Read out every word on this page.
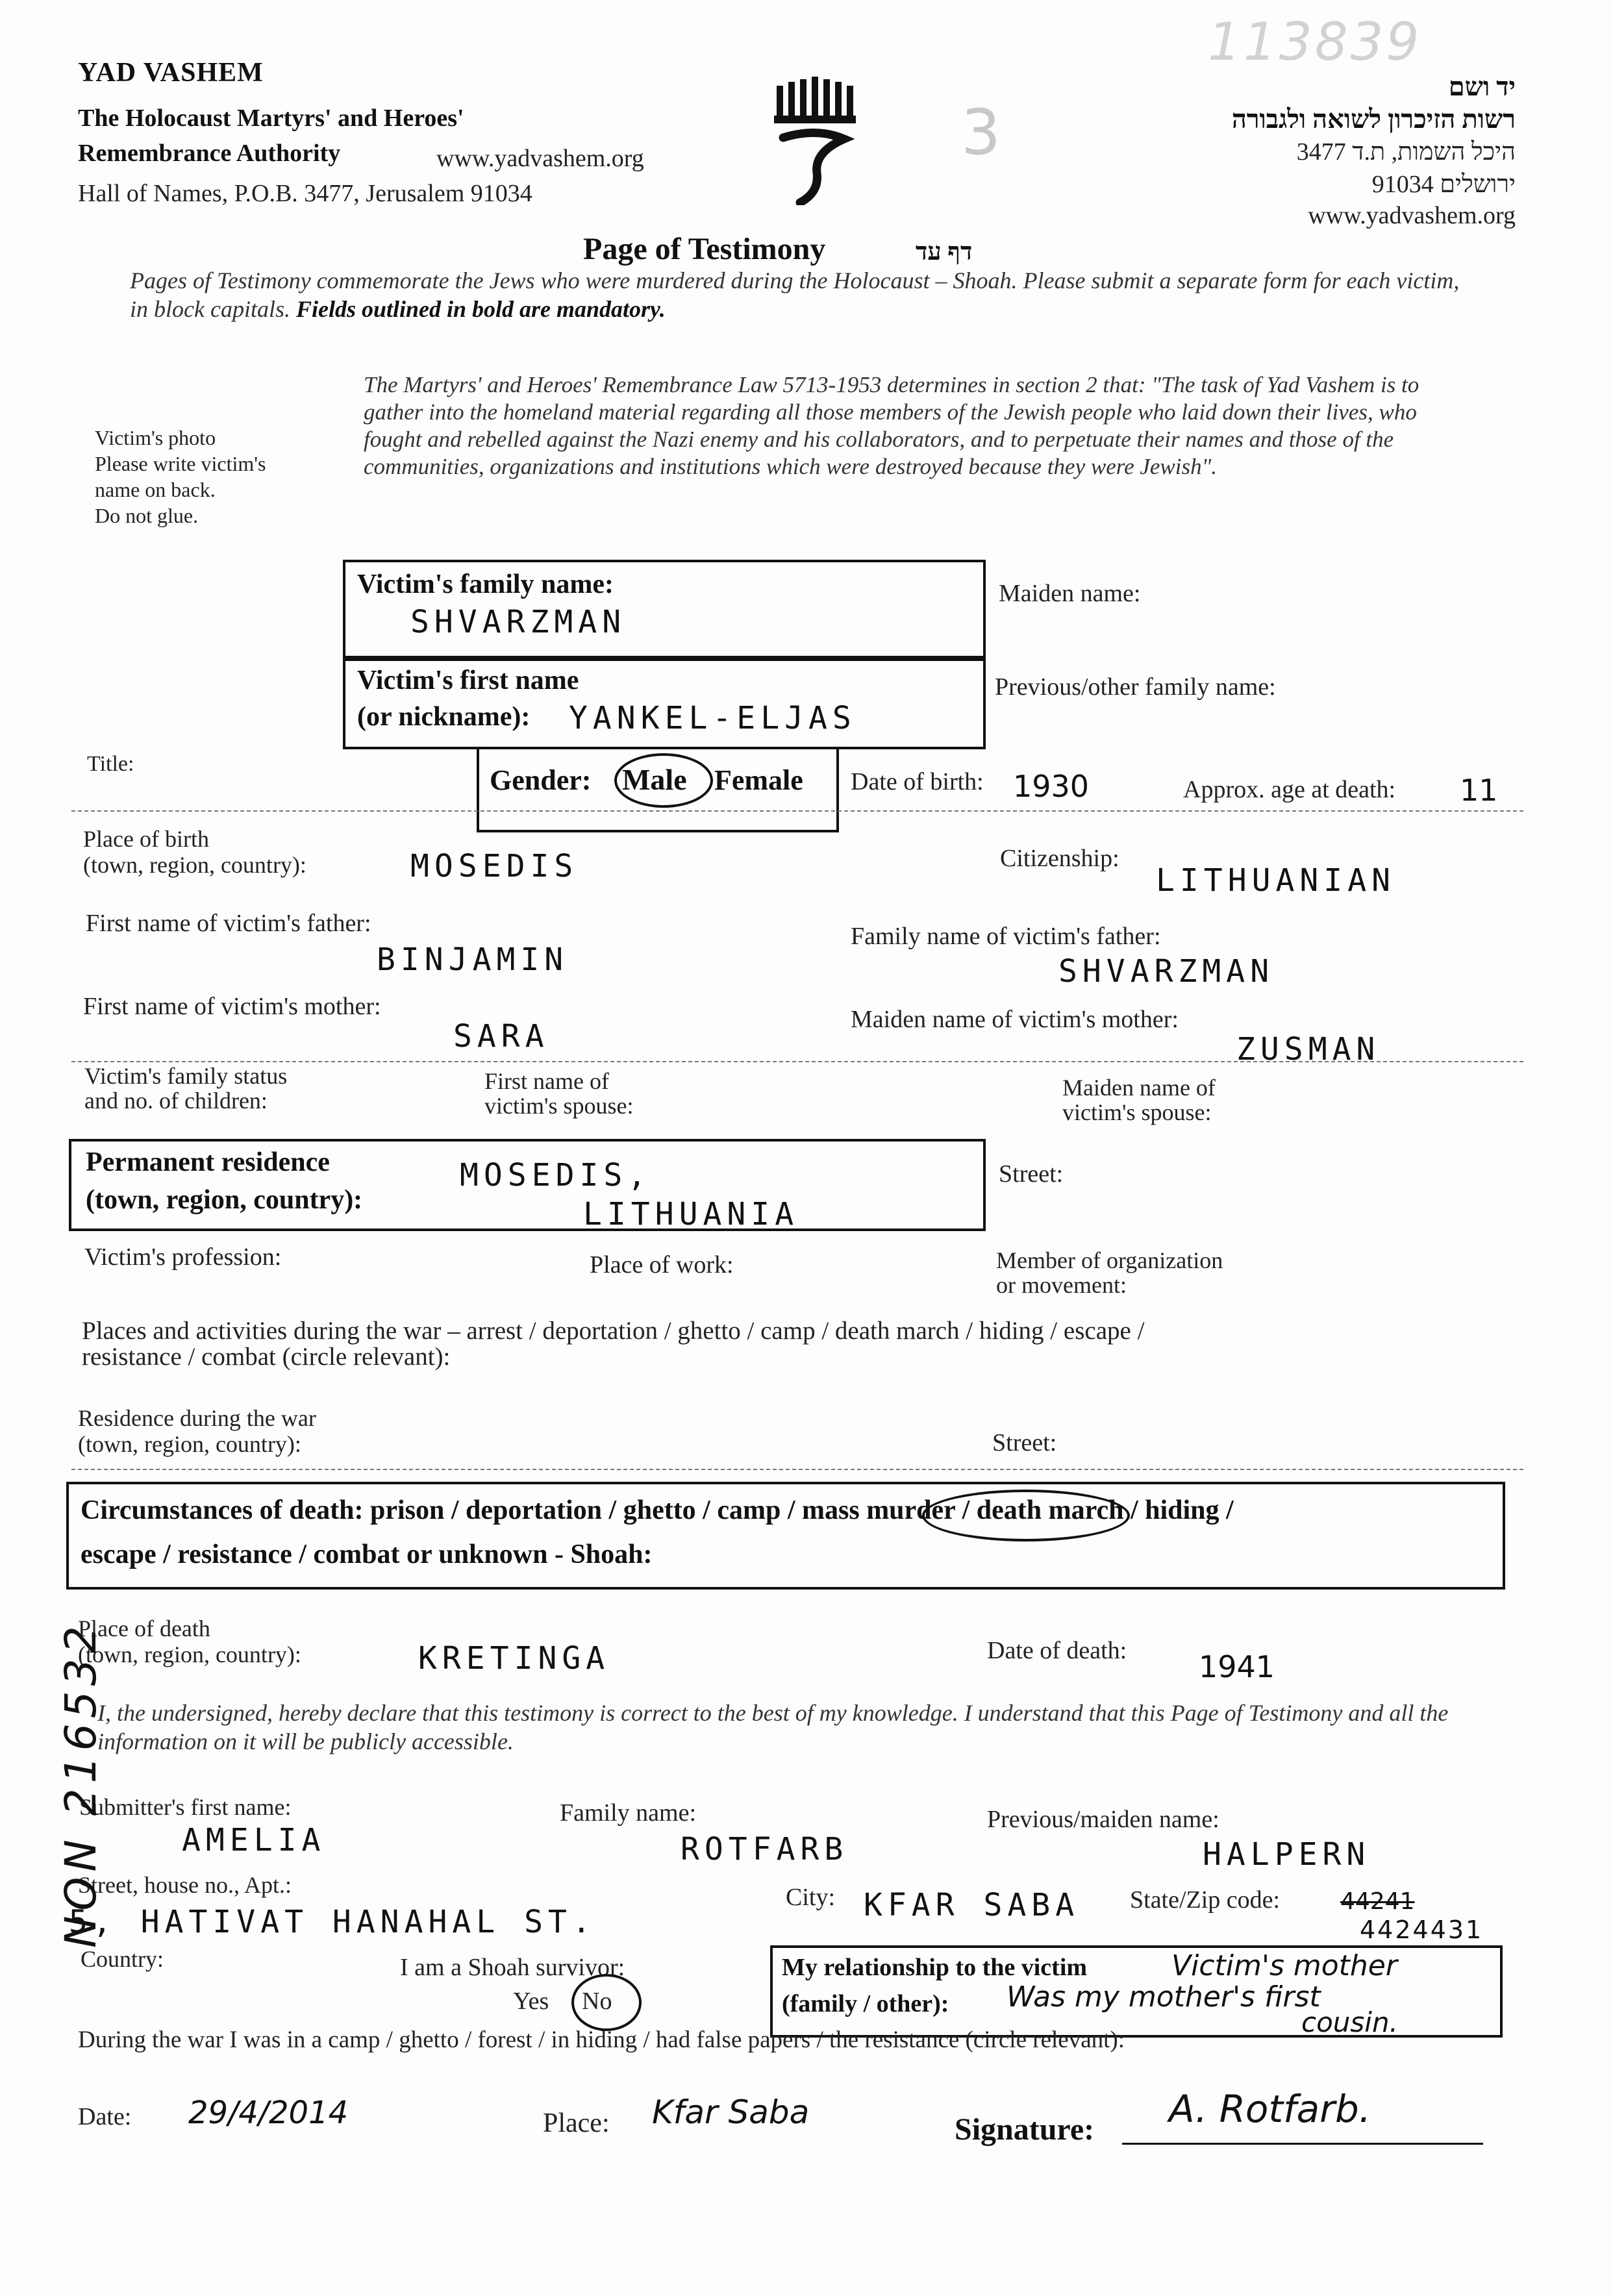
YAD VASHEM
The Holocaust Martyrs' and Heroes'
Remembrance Authority	www.yadvashem.org
Hall of Names, P.O.B. 3477, Jerusalem 91034
3
113839
יד ושם
רשות הזיכרון לשואה ולגבורה
היכל השמות, ת.ד 3477
ירושלים 91034
www.yadvashem.org
Page of Testimony	דף עד
Pages of Testimony commemorate the Jews who were murdered during the Holocaust – Shoah. Please submit a separate form for each victim, in block capitals. Fields outlined in bold are mandatory.
Victim's photo
Please write victim's
name on back.
Do not glue.
The Martyrs' and Heroes' Remembrance Law 5713-1953 determines in section 2 that: "The task of Yad Vashem is to gather into the homeland material regarding all those members of the Jewish people who laid down their lives, who fought and rebelled against the Nazi enemy and his collaborators, and to perpetuate their names and those of the communities, organizations and institutions which were destroyed because they were Jewish".
Victim's family name:
SHVARZMAN
Victim's first name
(or nickname): YANKEL-ELJAS
Maiden name:
Previous/other family name:
Title:
Gender: Male Female Date of birth: 1930	Approx. age at death: 11
Place of birth
(town, region, country):	MOSEDIS	Citizenship:
LITHUANIAN
First name of victim's father:
BINJAMIN
Family name of victim's father:
SHVARZMAN
First name of victim's mother:
SARA	Maiden name of victim's mother:
ZUSMAN
Victim's family status
and no. of children:
First name of
victim's spouse:
Maiden name of
victim's spouse:
Permanent residence
(town, region, country):
MOSEDIS,
LITHUANIA
Street:
Victim's profession:	Place of work:	Member of organization
or movement:
Places and activities during the war – arrest / deportation / ghetto / camp / death march / hiding / escape /
resistance / combat (circle relevant):
Residence during the war
(town, region, country):	Street:
Circumstances of death: prison / deportation / ghetto / camp / mass murder / death march / hiding /
escape / resistance / combat or unknown - Shoah:
Place of death
(town, region, country):	KRETINGA	Date of death: 1941
I, the undersigned, hereby declare that this testimony is correct to the best of my knowledge. I understand that this Page of Testimony and all the information on it will be publicly accessible.
Submitter's first name:
AMELIA
Family name:
ROTFARB
Previous/maiden name:
HALPERN
Street, house no., Apt.:
5, HATIVAT HANAHAL ST.
City: KFAR SABA State/Zip code:	44241
4424431
Country:	I am a Shoah survivor:
Yes No
My relationship to the victim
(family / other):
Victim's mother
Was my mother's first
cousin.
During the war I was in a camp / ghetto / forest / in hiding / had false papers / the resistance (circle relevant):
Date: 29/4/2014	Place: Kfar Saba	Signature: A. Rotfarb.
NON 216532
